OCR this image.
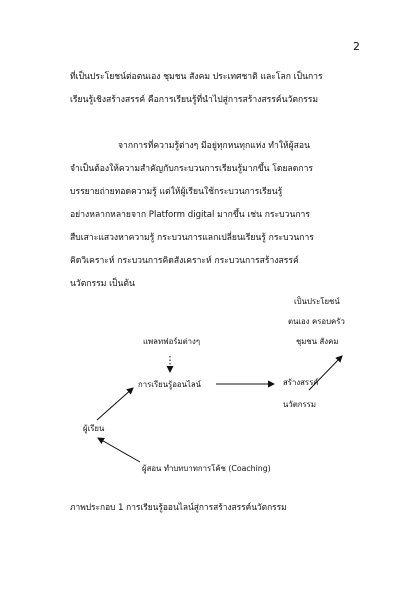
2
ที่เป็นประโยชน์ต่อตนเอง ชุมชน สังคม ประเทศชาติ และโลก เป็นการ
เรียนรู้เชิงสร้างสรรค์ คือการเรียนรู้ที่นำไปสู่การสร้างสรรค์นวัตกรรม
จากการที่ความรู้ต่างๆ มีอยู่ทุกหนทุกแห่ง ทำให้ผู้สอน
จำเป็นต้องให้ความสำคัญกับกระบวนการเรียนรู้มากขึ้น โดยลดการ
บรรยายถ่ายทอดความรู้ แต่ให้ผู้เรียนใช้กระบวนการเรียนรู้
อย่างหลากหลายจาก Platform digital มากขึ้น เช่น กระบวนการ
สืบเสาะแสวงหาความรู้ กระบวนการแลกเปลี่ยนเรียนรู้ กระบวนการ
คิดวิเคราะห์ กระบวนการคิดสังเคราะห์ กระบวนการสร้างสรรค์
นวัตกรรม เป็นต้น
แพลทฟอร์มต่างๆ
การเรียนรู้ออนไลน์
ผู้เรียน
สร้างสรรค์
นวัตกรรม
เป็นประโยชน์
ตนเอง ครอบครัว
ชุมชน สังคม
ผู้สอน ทำบทบาทการโค้ช (Coaching)
ภาพประกอบ 1 การเรียนรู้ออนไลน์สู่การสร้างสรรค์นวัตกรรม
